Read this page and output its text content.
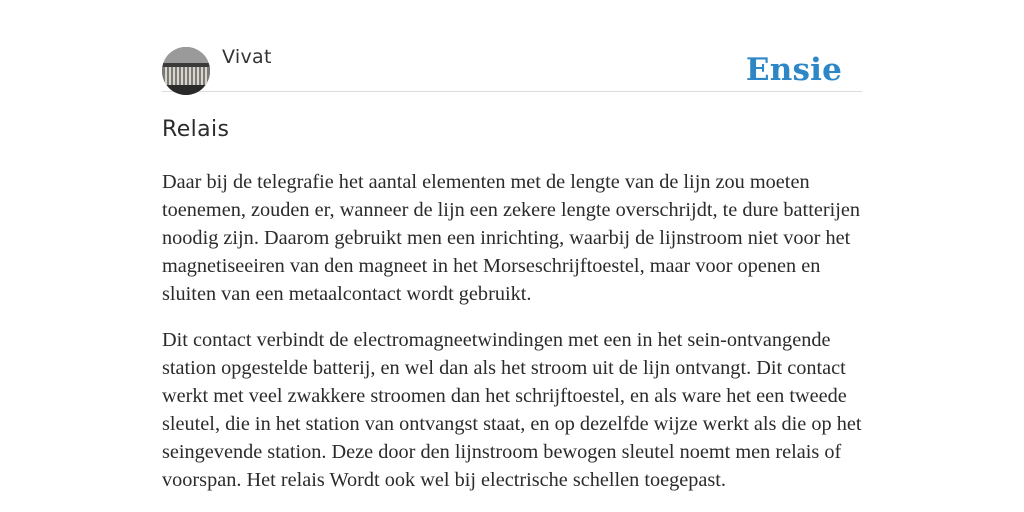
Vivat	Ensie
Relais

Daar bij de telegrafie het aantal elementen met de lengte van de lijn zou moeten toenemen, zouden er, wanneer de lijn een zekere lengte overschrijdt, te dure batterijen noodig zijn. Daarom gebruikt men een inrichting, waarbij de lijnstroom niet voor het magnetiseeiren van den magneet in het Morseschrijftoestel, maar voor openen en sluiten van een metaalcontact wordt gebruikt.

Dit contact verbindt de electromagneetwindingen met een in het sein-ontvangende station opgestelde batterij, en wel dan als het stroom uit de lijn ontvangt. Dit contact werkt met veel zwakkere stroomen dan het schrijftoestel, en als ware het een tweede sleutel, die in het station van ontvangst staat, en op dezelfde wijze werkt als die op het seingevende station. Deze door den lijnstroom bewogen sleutel noemt men relais of voorspan. Het relais Wordt ook wel bij electrische schellen toegepast.
